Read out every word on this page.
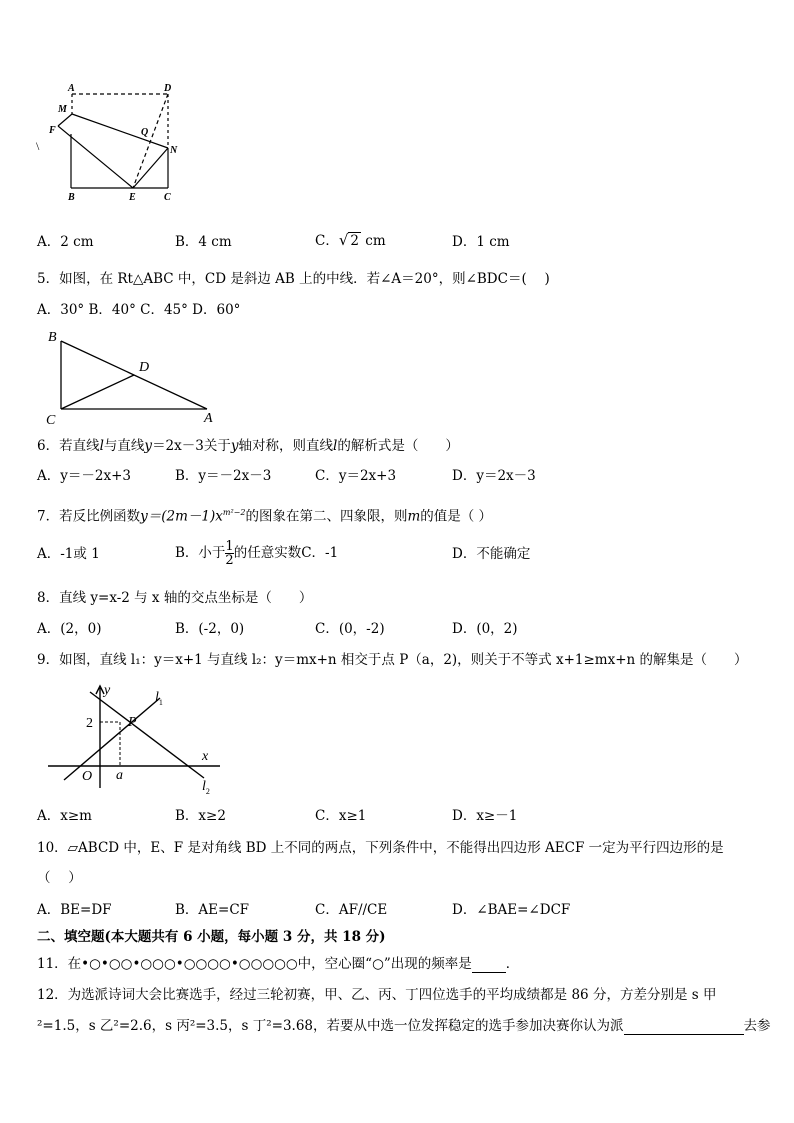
A	D
M
F	Q
N
B	E	C
\
A．2 cm	B．4 cm	C．√ 2 cm	D．1 cm
5．如图，在 Rt△ABC 中，CD 是斜边 AB 上的中线．若∠A＝20°，则∠BDC＝(　 )
A．30° B．40° C．45° D．60°
B
D
C	A
6．若直线l与直线y＝2x－3关于y轴对称，则直线l的解析式是（　　）
A．y＝－2x+3	B．y＝－2x－3	C．y＝2x+3	D．y＝2x－3
7．若反比例函数$y=(2m-1)x^{m^2-2}$的图象在第二、四象限，则m的值是（ ）
A．-1或 1	B．小于 $\frac{1}{2}$ 的任意实数C．-1	D．不能确定
8．直线 y=x-2 与 x 轴的交点坐标是（　　）
A．(2，0)	B．(-2，0)	C．(0，-2)	D．(0，2)
9．如图，直线 l₁：y＝x+1 与直线 l₂：y＝mx+n 相交于点 P（a，2)，则关于不等式 x+1≥mx+n 的解集是（　　）
y	$l_1$
2	P
x
O a
$l_2$
A．x≥m	B．x≥2	C．x≥1	D．x≥－1
10．▱ABCD 中，E、F 是对角线 BD 上不同的两点，下列条件中，不能得出四边形 AECF 一定为平行四边形的是
（　 ）
A．BE=DF	B．AE=CF	C．AF//CE	D．∠BAE=∠DCF
二、填空题(本大题共有 6 小题，每小题 3 分，共 18 分)
11．在•○•○○•○○○•○○○○•○○○○○中，空心圈“○”出现的频率是	．
12．为选派诗词大会比赛选手，经过三轮初赛，甲、乙、丙、丁四位选手的平均成绩都是 86 分，方差分别是 s 甲
²=1.5，s 乙²=2.6，s 丙²=3.5，s 丁²=3.68，若要从中选一位发挥稳定的选手参加决赛你认为派	去参
